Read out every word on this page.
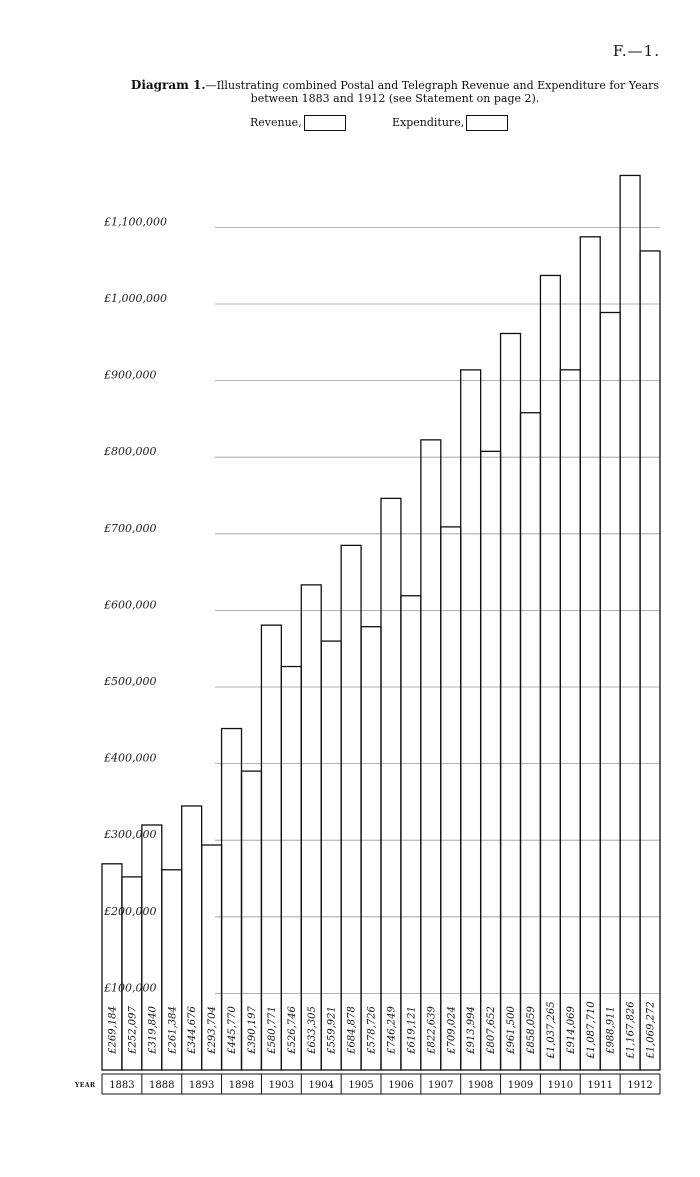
F.—1.
Diagram 1.—Illustrating combined Postal and Telegraph Revenue and Expenditure for Years between 1883 and 1912 (see Statement on page 2).
Revenue,	Expenditure,
£100,000
£200,000
£300,000
£400,000
£500,000
£600,000
£700,000
£800,000
£900,000
£1,000,000
£1,100,000
£269,184 £252,097 £319,840 £261,384 £344,676 £293,704 £445,770 £390,197 £580,771 £526,746 £633,305 £559,921 £684,878 £578,726 £746,249 £619,121 £822,639 £709,024 £913,994 £807,652 £961,500 £858,059 £1,037,265 £914,069 £1,087,710 £988,911 £1,167,826 £1,069,272
YEAR 1883 1888 1893 1898 1903 1904 1905 1906 1907 1908 1909 1910 1911 1912
